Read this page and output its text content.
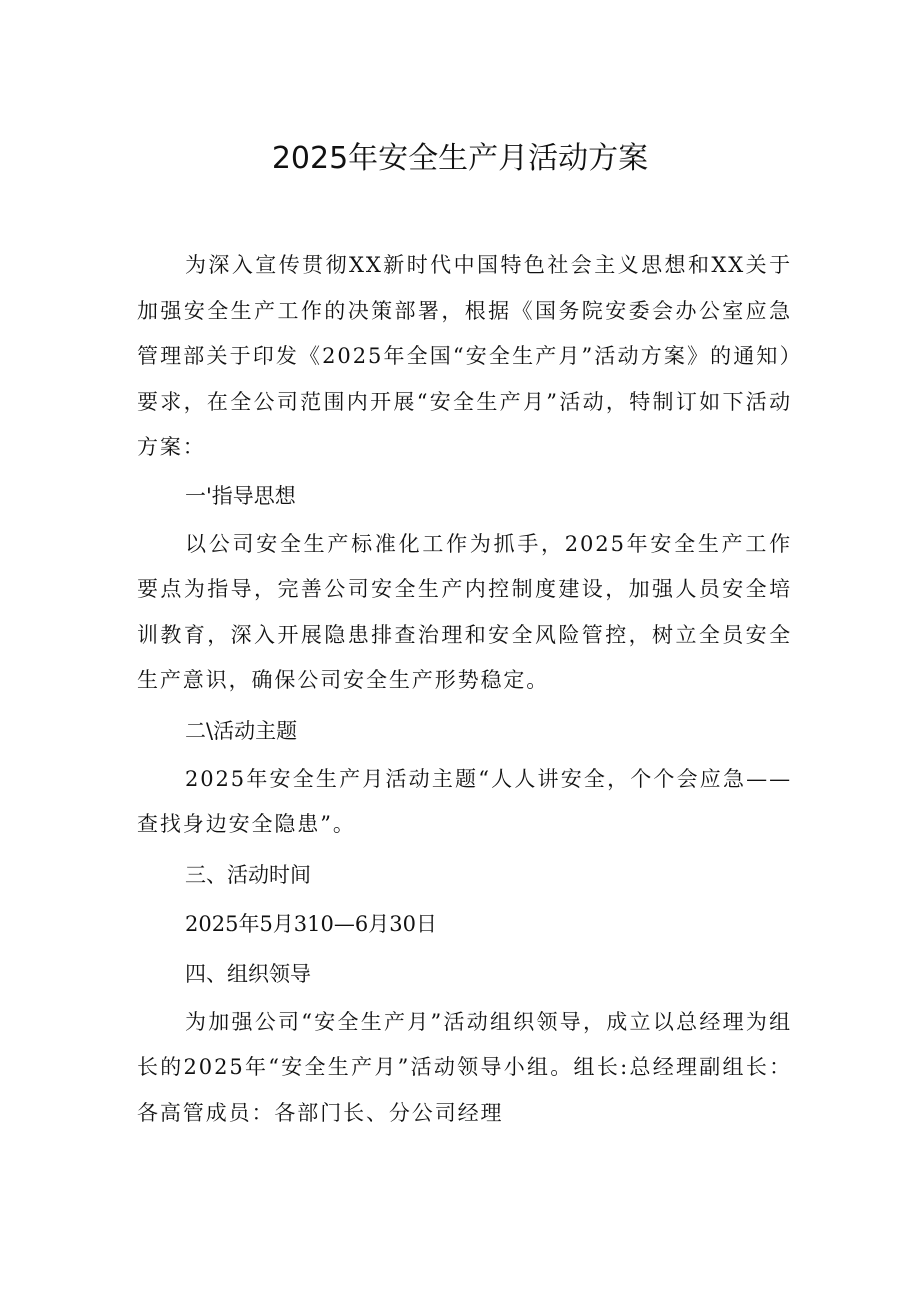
2025年安全生产月活动方案

为深入宣传贯彻XX新时代中国特色社会主义思想和XX关于加强安全生产工作的决策部署，根据《国务院安委会办公室应急管理部关于印发《2025年全国“安全生产月”活动方案》的通知）要求，在全公司范围内开展“安全生产月”活动，特制订如下活动方案：

一'指导思想

以公司安全生产标准化工作为抓手，2025年安全生产工作要点为指导，完善公司安全生产内控制度建设，加强人员安全培训教育，深入开展隐患排查治理和安全风险管控，树立全员安全生产意识，确保公司安全生产形势稳定。

二\活动主题

2025年安全生产月活动主题“人人讲安全，个个会应急——查找身边安全隐患”。

三、活动时间

2025年5月310—6月30日

四、组织领导

为加强公司“安全生产月”活动组织领导，成立以总经理为组长的2025年“安全生产月”活动领导小组。组长:总经理副组长：各高管成员：各部门长、分公司经理
